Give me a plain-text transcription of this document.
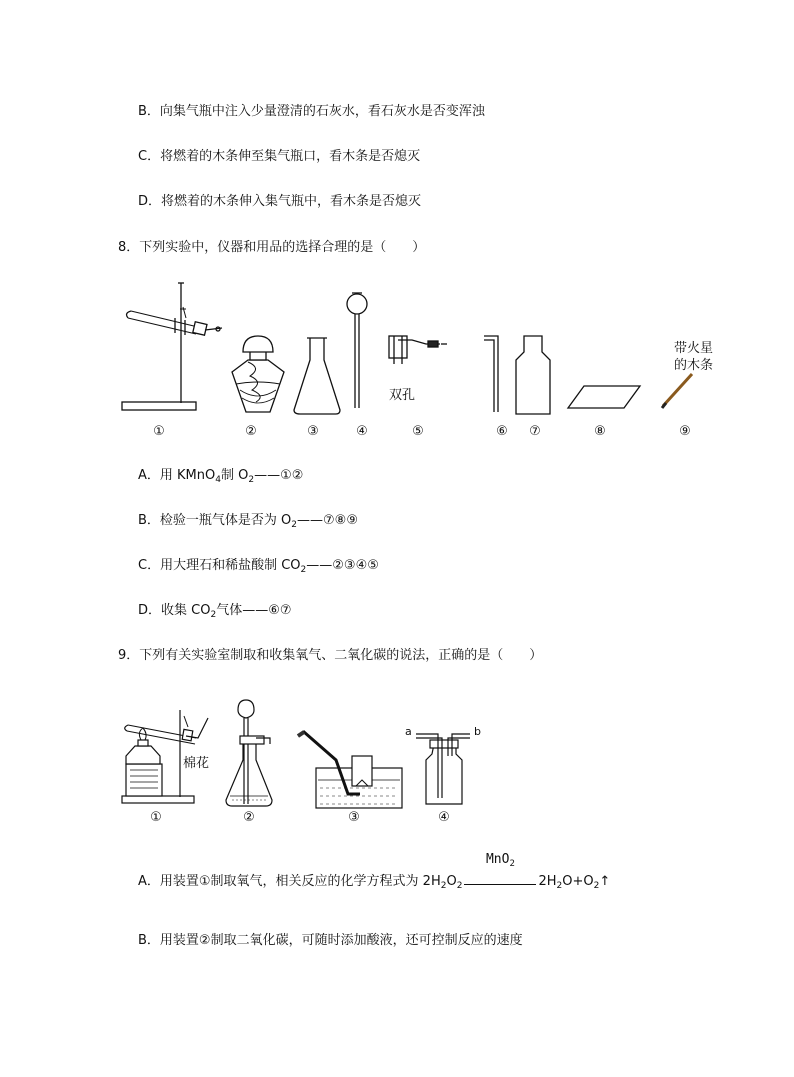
B．向集气瓶中注入少量澄清的石灰水，看石灰水是否变浑浊
C．将燃着的木条伸至集气瓶口，看木条是否熄灭
D．将燃着的木条伸入集气瓶中，看木条是否熄灭
8．下列实验中，仪器和用品的选择合理的是（　　）
双孔
带火星
的木条
①	②	③	④	⑤	⑥	⑦	⑧	⑨
A．用 KMnO$_4$制 $O_2——①②$
B．检验一瓶气体是否为 $O_2——⑦⑧⑨$
C．用大理石和稀盐酸制 $CO_2——②③④⑤$
D．收集 $CO_2$气体——⑥⑦
9．下列有关实验室制取和收集氧气、二氧化碳的说法，正确的是（　　）
棉花
a	b
①	②	③	④
A．用装置①制取氧气，相关反应的化学方程式为 $2H_2O_2$
MnO$_2$
$2H_2O+O_2↑$
B．用装置②制取二氧化碳，可随时添加酸液，还可控制反应的速度
